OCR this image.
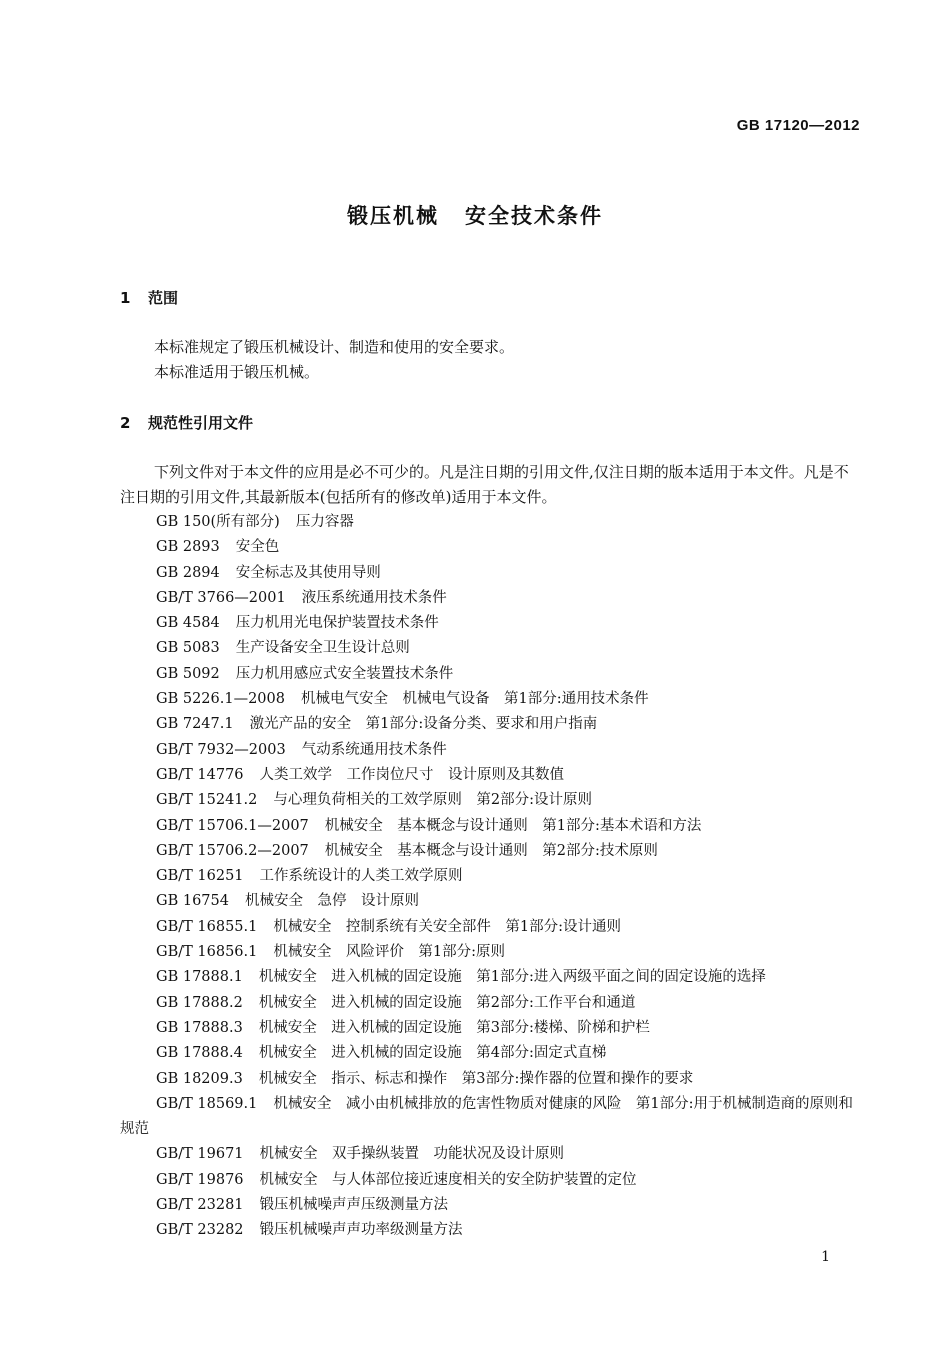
GB 17120—2012
锻压机械 安全技术条件
1 范围
本标准规定了锻压机械设计、制造和使用的安全要求。
本标准适用于锻压机械。
2 规范性引用文件
下列文件对于本文件的应用是必不可少的。凡是注日期的引用文件,仅注日期的版本适用于本文件。凡是不注日期的引用文件,其最新版本(包括所有的修改单)适用于本文件。
GB 150(所有部分) 压力容器
GB 2893 安全色
GB 2894 安全标志及其使用导则
GB/T 3766—2001 液压系统通用技术条件
GB 4584 压力机用光电保护装置技术条件
GB 5083 生产设备安全卫生设计总则
GB 5092 压力机用感应式安全装置技术条件
GB 5226.1—2008 机械电气安全　机械电气设备　第1部分:通用技术条件
GB 7247.1 激光产品的安全　第1部分:设备分类、要求和用户指南
GB/T 7932—2003 气动系统通用技术条件
GB/T 14776 人类工效学　工作岗位尺寸　设计原则及其数值
GB/T 15241.2 与心理负荷相关的工效学原则　第2部分:设计原则
GB/T 15706.1—2007 机械安全　基本概念与设计通则　第1部分:基本术语和方法
GB/T 15706.2—2007 机械安全　基本概念与设计通则　第2部分:技术原则
GB/T 16251 工作系统设计的人类工效学原则
GB 16754 机械安全　急停　设计原则
GB/T 16855.1 机械安全　控制系统有关安全部件　第1部分:设计通则
GB/T 16856.1 机械安全　风险评价　第1部分:原则
GB 17888.1 机械安全　进入机械的固定设施　第1部分:进入两级平面之间的固定设施的选择
GB 17888.2 机械安全　进入机械的固定设施　第2部分:工作平台和通道
GB 17888.3 机械安全　进入机械的固定设施　第3部分:楼梯、阶梯和护栏
GB 17888.4 机械安全　进入机械的固定设施　第4部分:固定式直梯
GB 18209.3 机械安全　指示、标志和操作　第3部分:操作器的位置和操作的要求
GB/T 18569.1 机械安全　减小由机械排放的危害性物质对健康的风险　第1部分:用于机械制造商的原则和规范
GB/T 19671 机械安全　双手操纵装置　功能状况及设计原则
GB/T 19876 机械安全　与人体部位接近速度相关的安全防护装置的定位
GB/T 23281 锻压机械噪声声压级测量方法
GB/T 23282 锻压机械噪声声功率级测量方法
1
